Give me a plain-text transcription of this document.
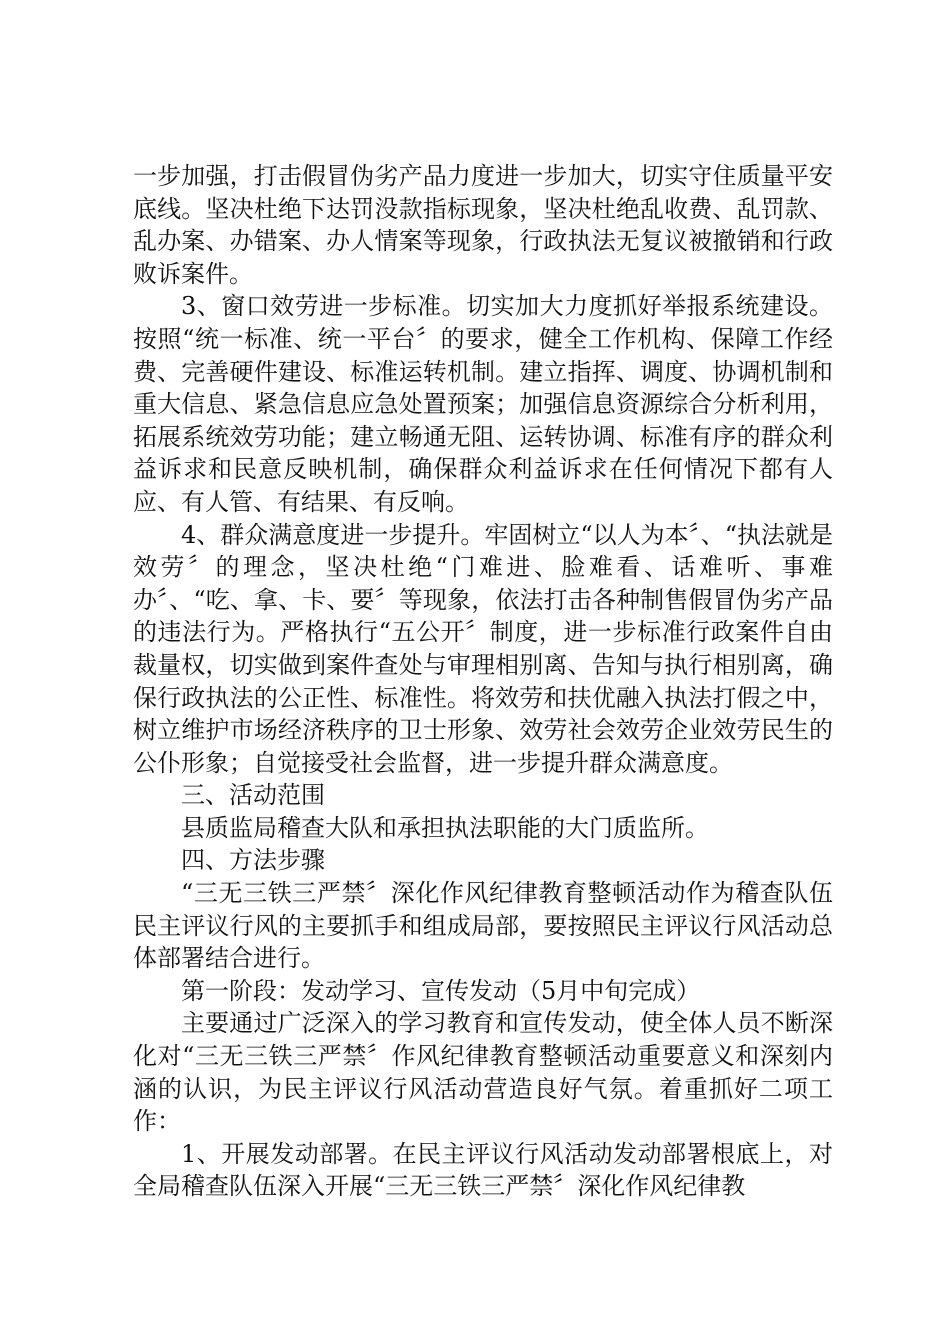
一步加强，打击假冒伪劣产品力度进一步加大，切实守住质量平安底线。坚决杜绝下达罚没款指标现象，坚决杜绝乱收费、乱罚款、乱办案、办错案、办人情案等现象，行政执法无复议被撤销和行政败诉案件。

3、窗口效劳进一步标准。切实加大力度抓好举报系统建设。按照“统一标准、统一平台〞的要求，健全工作机构、保障工作经费、完善硬件建设、标准运转机制。建立指挥、调度、协调机制和重大信息、紧急信息应急处置预案；加强信息资源综合分析利用，拓展系统效劳功能；建立畅通无阻、运转协调、标准有序的群众利益诉求和民意反映机制，确保群众利益诉求在任何情况下都有人应、有人管、有结果、有反响。

4、群众满意度进一步提升。牢固树立“以人为本〞、“执法就是效劳〞的理念，坚决杜绝“门难进、脸难看、话难听、事难办〞、“吃、拿、卡、要〞等现象，依法打击各种制售假冒伪劣产品的违法行为。严格执行“五公开〞制度，进一步标准行政案件自由裁量权，切实做到案件查处与审理相别离、告知与执行相别离，确保行政执法的公正性、标准性。将效劳和扶优融入执法打假之中，树立维护市场经济秩序的卫士形象、效劳社会效劳企业效劳民生的公仆形象；自觉接受社会监督，进一步提升群众满意度。

三、活动范围

县质监局稽查大队和承担执法职能的大门质监所。

四、方法步骤

“三无三铁三严禁〞深化作风纪律教育整顿活动作为稽查队伍民主评议行风的主要抓手和组成局部，要按照民主评议行风活动总体部署结合进行。

第一阶段：发动学习、宣传发动（5月中旬完成）

主要通过广泛深入的学习教育和宣传发动，使全体人员不断深化对“三无三铁三严禁〞作风纪律教育整顿活动重要意义和深刻内涵的认识，为民主评议行风活动营造良好气氛。着重抓好二项工作：

1、开展发动部署。在民主评议行风活动发动部署根底上，对全局稽查队伍深入开展“三无三铁三严禁〞深化作风纪律教
